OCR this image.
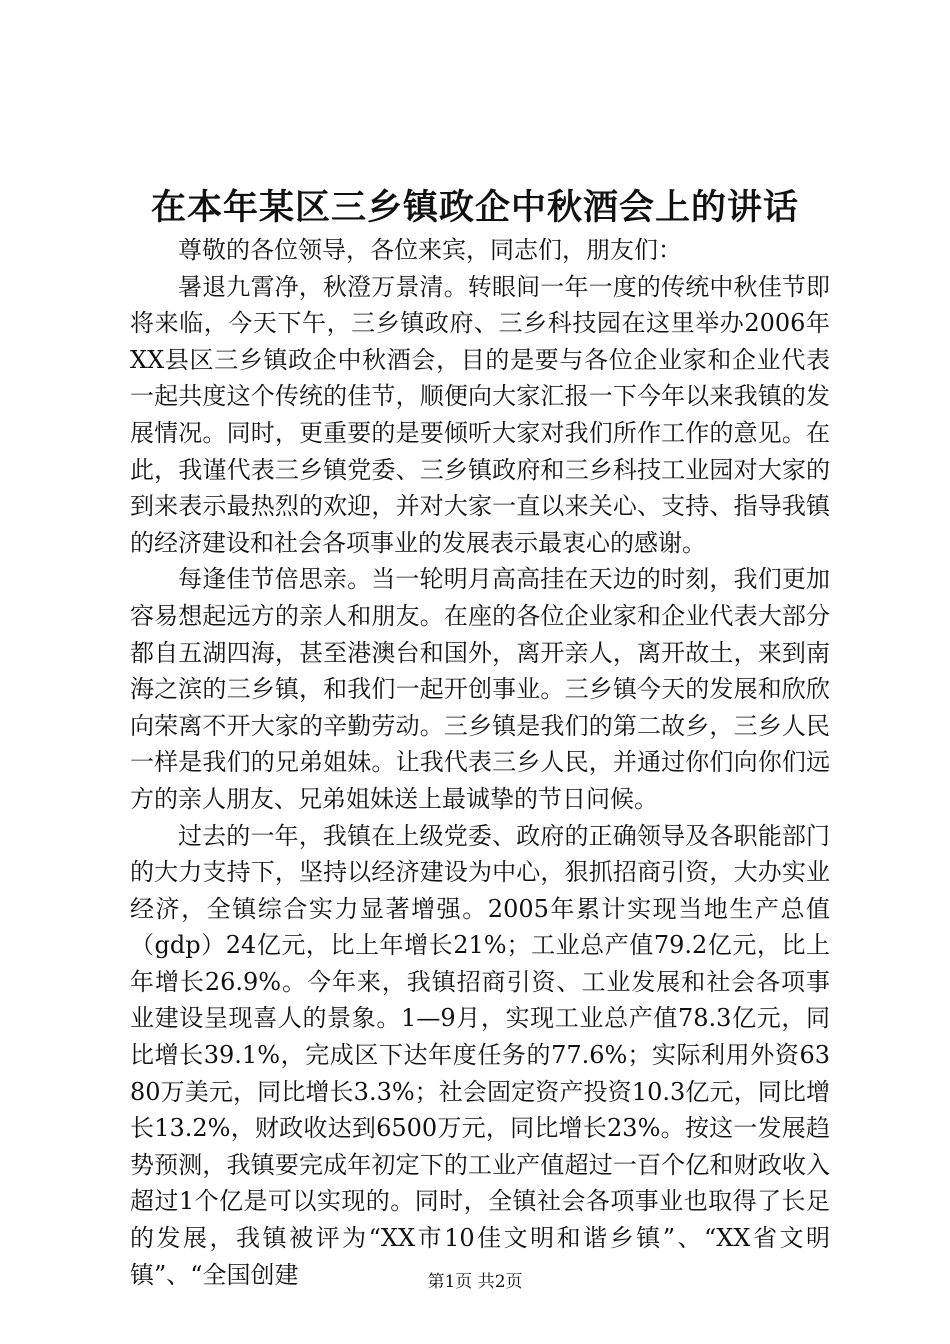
在本年某区三乡镇政企中秋酒会上的讲话

尊敬的各位领导，各位来宾，同志们，朋友们：

暑退九霄净，秋澄万景清。转眼间一年一度的传统中秋佳节即将来临，今天下午，三乡镇政府、三乡科技园在这里举办2006年XX县区三乡镇政企中秋酒会，目的是要与各位企业家和企业代表一起共度这个传统的佳节，顺便向大家汇报一下今年以来我镇的发展情况。同时，更重要的是要倾听大家对我们所作工作的意见。在此，我谨代表三乡镇党委、三乡镇政府和三乡科技工业园对大家的到来表示最热烈的欢迎，并对大家一直以来关心、支持、指导我镇的经济建设和社会各项事业的发展表示最衷心的感谢。

每逢佳节倍思亲。当一轮明月高高挂在天边的时刻，我们更加容易想起远方的亲人和朋友。在座的各位企业家和企业代表大部分都自五湖四海，甚至港澳台和国外，离开亲人，离开故土，来到南海之滨的三乡镇，和我们一起开创事业。三乡镇今天的发展和欣欣向荣离不开大家的辛勤劳动。三乡镇是我们的第二故乡，三乡人民一样是我们的兄弟姐妹。让我代表三乡人民，并通过你们向你们远方的亲人朋友、兄弟姐妹送上最诚挚的节日问候。

过去的一年，我镇在上级党委、政府的正确领导及各职能部门的大力支持下，坚持以经济建设为中心，狠抓招商引资，大办实业经济，全镇综合实力显著增强。2005年累计实现当地生产总值（gdp）24亿元，比上年增长21%；工业总产值79.2亿元，比上年增长26.9%。今年来，我镇招商引资、工业发展和社会各项事业建设呈现喜人的景象。1—9月，实现工业总产值78.3亿元，同比增长39.1%，完成区下达年度任务的77.6%；实际利用外资6380万美元，同比增长3.3%；社会固定资产投资10.3亿元，同比增长13.2%，财政收达到6500万元，同比增长23%。按这一发展趋势预测，我镇要完成年初定下的工业产值超过一百个亿和财政收入超过1个亿是可以实现的。同时，全镇社会各项事业也取得了长足的发展，我镇被评为“XX市10佳文明和谐乡镇”、“XX省文明镇”、“全国创建	第1页 共2页
